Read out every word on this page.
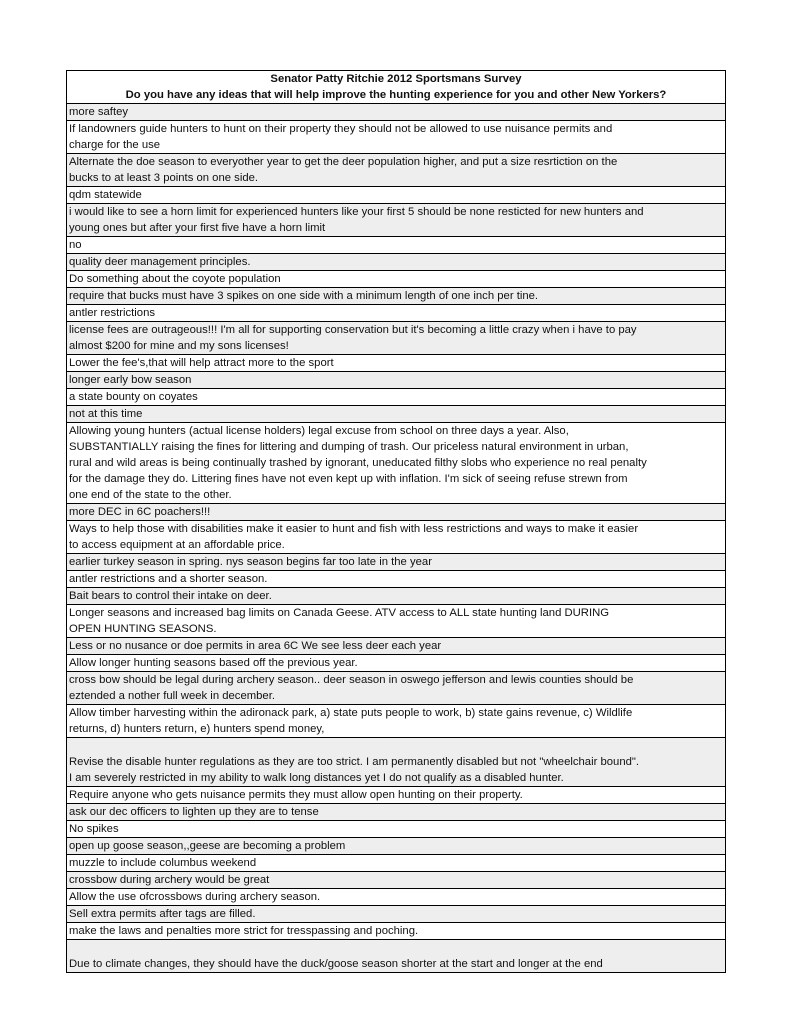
Senator Patty Ritchie 2012 Sportsmans Survey
Do you have any ideas that will help improve the hunting experience for you and other New Yorkers?
more saftey
If landowners guide hunters to hunt on their property they should not be allowed to use nuisance permits and
charge for the use
Alternate the doe season to everyother year to get the deer population higher, and put a size resrtiction on the
bucks to at least 3 points on one side.
qdm statewide
i would like to see a horn limit for experienced hunters like your first 5 should be none resticted for new hunters and
young ones but after your first five have a horn limit
no
quality deer management principles.
Do something about the coyote population
require that bucks must have 3 spikes on one side with a minimum length of one inch per tine.
antler restrictions
license fees are outrageous!!! I'm all for supporting conservation but it's becoming a little crazy when i have to pay
almost $200 for mine and my sons licenses!
Lower the fee's,that will help attract more to the sport
longer early bow season
a state bounty on coyates
not at this time
Allowing young hunters (actual license holders) legal excuse from school on three days a year. Also,
SUBSTANTIALLY raising the fines for littering and dumping of trash. Our priceless natural environment in urban,
rural and wild areas is being continually trashed by ignorant, uneducated filthy slobs who experience no real penalty
for the damage they do. Littering fines have not even kept up with inflation. I'm sick of seeing refuse strewn from
one end of the state to the other.
more DEC in 6C poachers!!!
Ways to help those with disabilities make it easier to hunt and fish with less restrictions and ways to make it easier
to access equipment at an affordable price.
earlier turkey season in spring. nys season begins far too late in the year
antler restrictions and a shorter season.
Bait bears to control their intake on deer.
Longer seasons and increased bag limits on Canada Geese. ATV access to ALL state hunting land DURING
OPEN HUNTING SEASONS.
Less or no nusance or doe permits in area 6C We see less deer each year
Allow longer hunting seasons based off the previous year.
cross bow should be legal during archery season.. deer season in oswego jefferson and lewis counties should be
eztended a nother full week in december.
Allow timber harvesting within the adironack park, a) state puts people to work, b) state gains revenue, c) Wildlife
returns, d) hunters return, e) hunters spend money,
Revise the disable hunter regulations as they are too strict. I am permanently disabled but not "wheelchair bound".
I am severely restricted in my ability to walk long distances yet I do not qualify as a disabled hunter.
Require anyone who gets nuisance permits they must allow open hunting on their property.
ask our dec officers to lighten up they are to tense
No spikes
open up goose season,,geese are becoming a problem
muzzle to include columbus weekend
crossbow during archery would be great
Allow the use ofcrossbows during archery season.
Sell extra permits after tags are filled.
make the laws and penalties more strict for tresspassing and poching.
Due to climate changes, they should have the duck/goose season shorter at the start and longer at the end
